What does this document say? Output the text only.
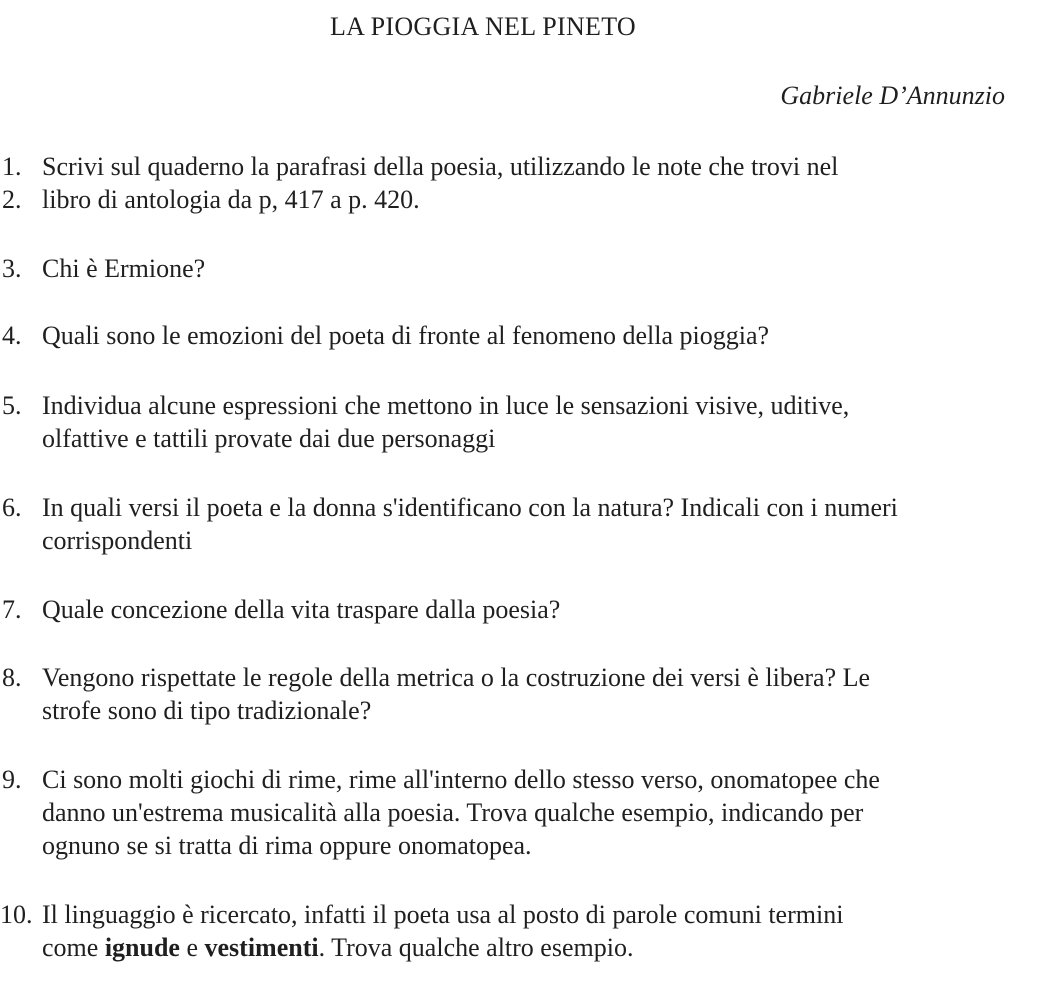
LA PIOGGIA NEL PINETO

Gabriele D’Annunzio

1. Scrivi sul quaderno la parafrasi della poesia, utilizzando le note che trovi nel
2. libro di antologia da p, 417 a p. 420.
3. Chi è Ermione?
4. Quali sono le emozioni del poeta di fronte al fenomeno della pioggia?
5. Individua alcune espressioni che mettono in luce le sensazioni visive, uditive,
olfattive e tattili provate dai due personaggi
6. In quali versi il poeta e la donna s'identificano con la natura? Indicali con i numeri
corrispondenti
7. Quale concezione della vita traspare dalla poesia?
8. Vengono rispettate le regole della metrica o la costruzione dei versi è libera? Le
strofe sono di tipo tradizionale?
9. Ci sono molti giochi di rime, rime all'interno dello stesso verso, onomatopee che
danno un'estrema musicalità alla poesia. Trova qualche esempio, indicando per
ognuno se si tratta di rima oppure onomatopea.
10. Il linguaggio è ricercato, infatti il poeta usa al posto di parole comuni termini
come ignude e vestimenti. Trova qualche altro esempio.
